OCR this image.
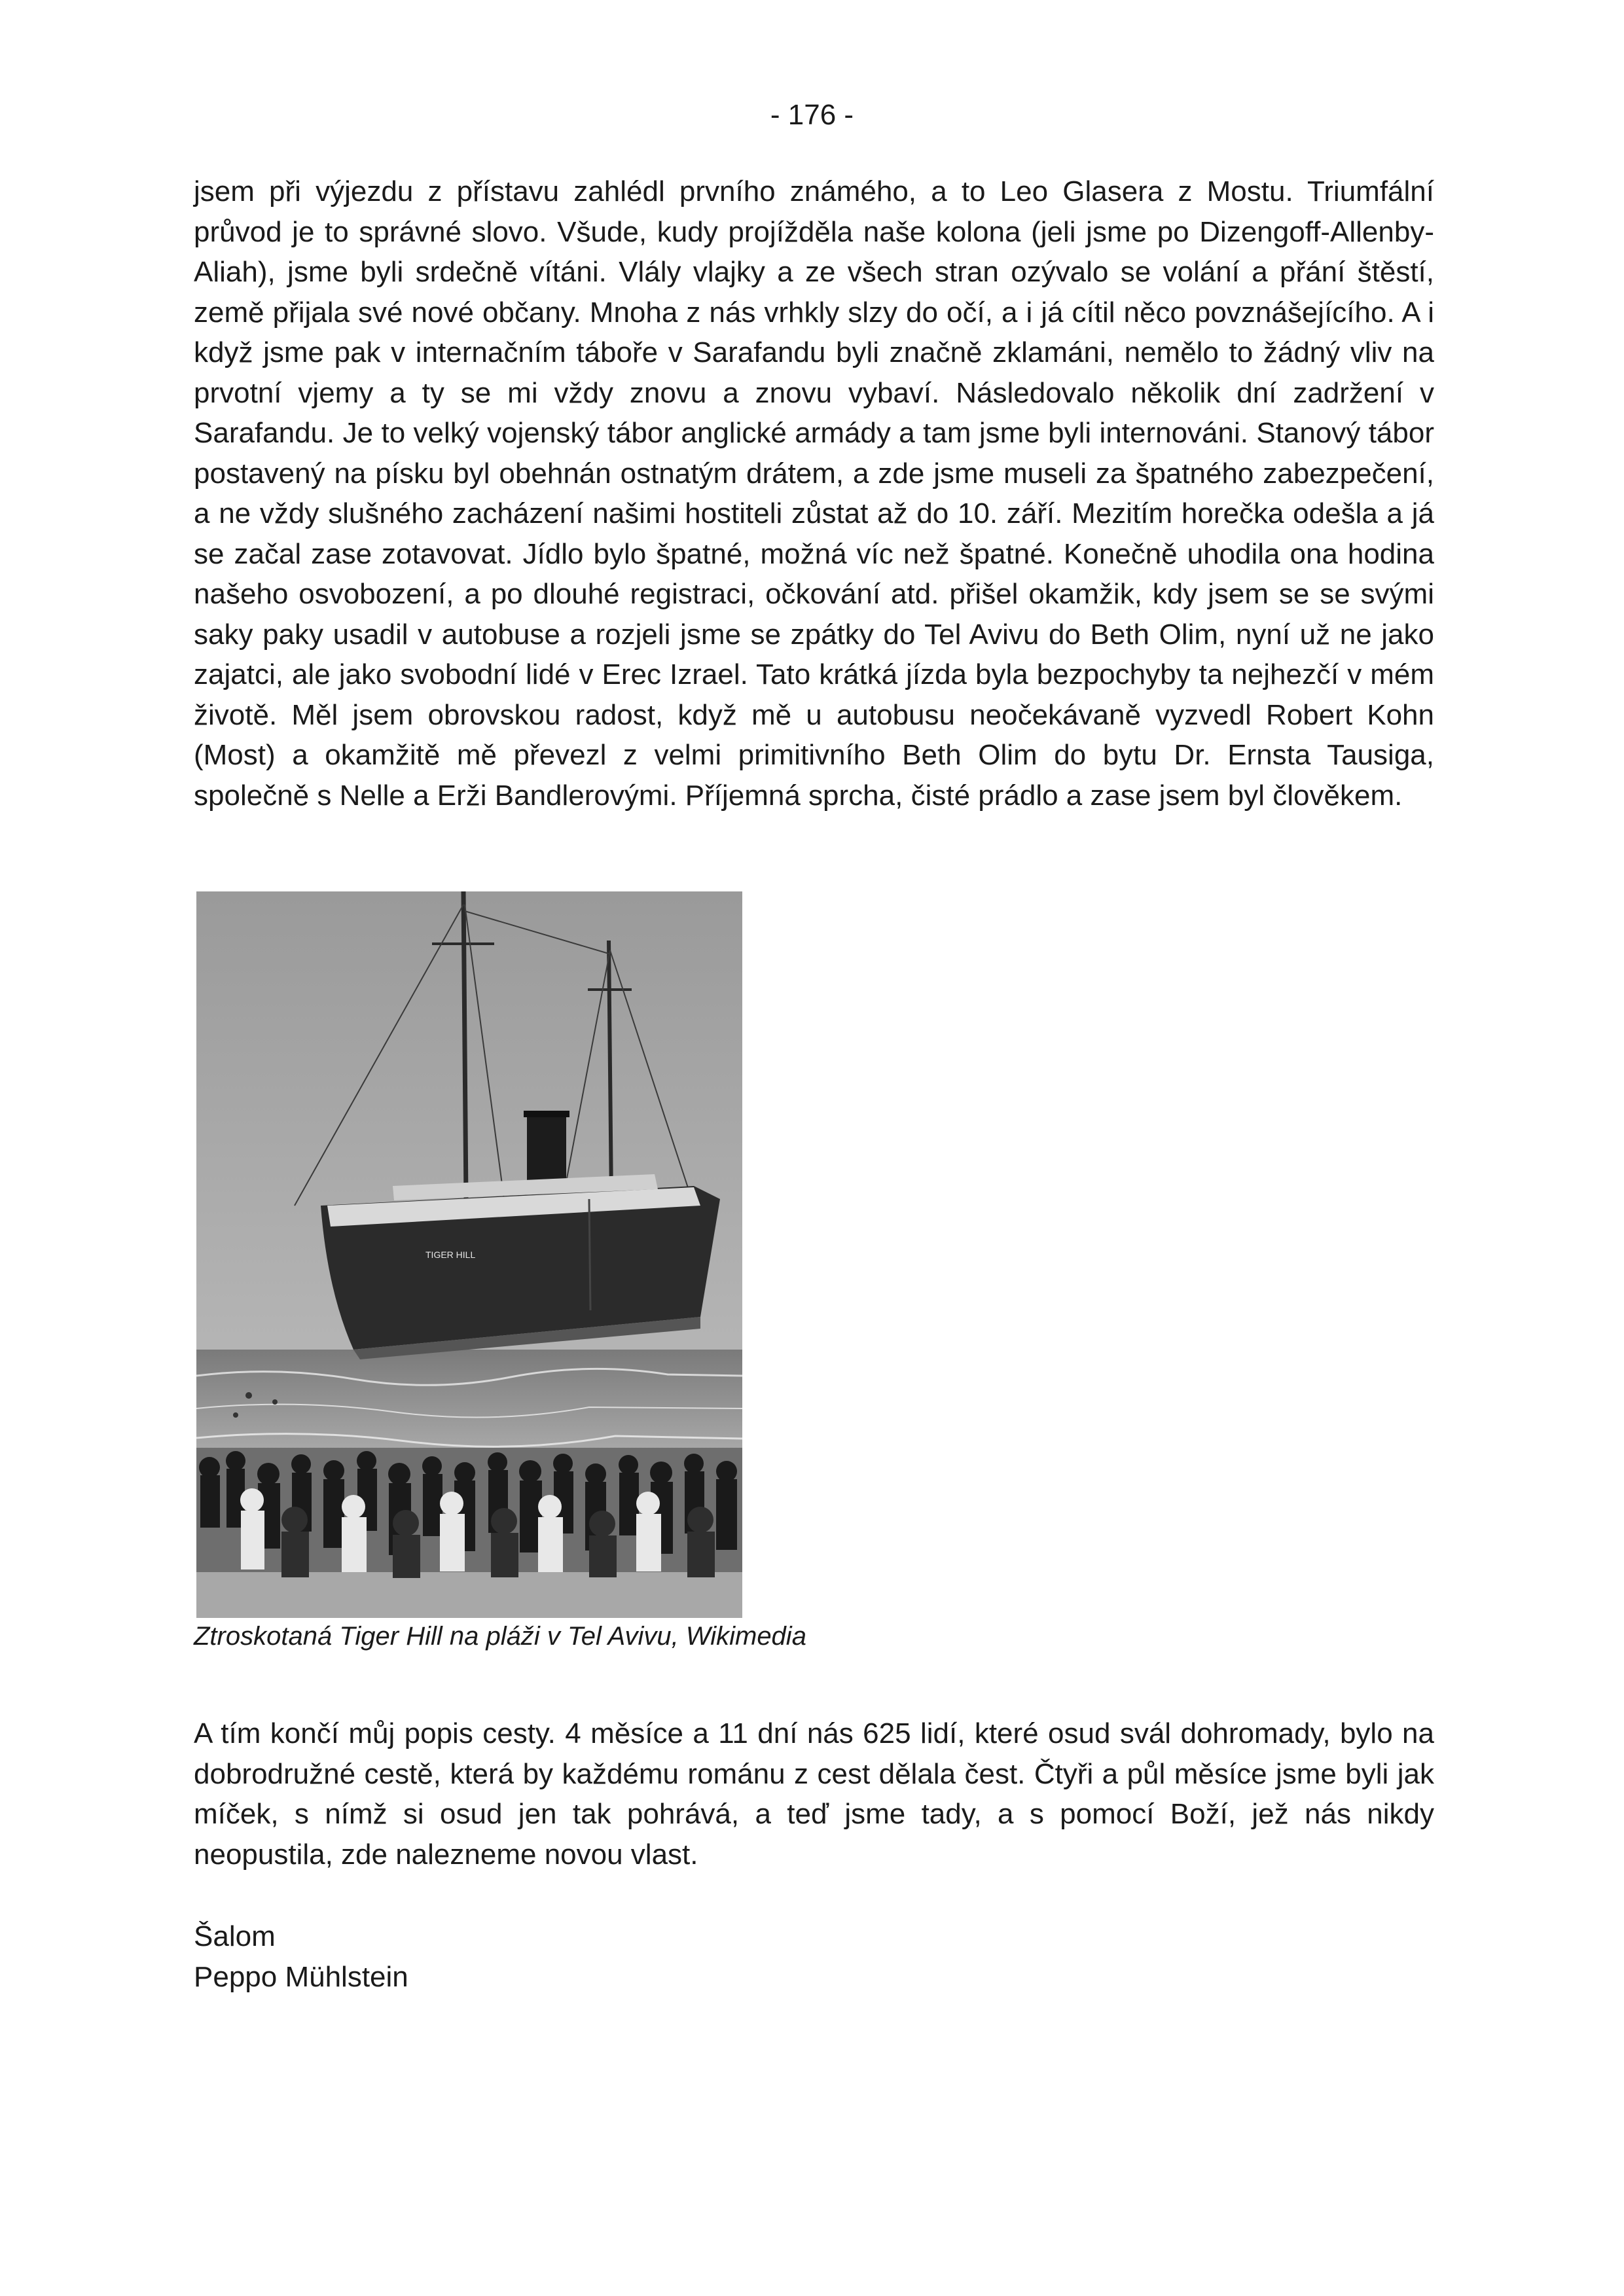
- 176 -

jsem při výjezdu z přístavu zahlédl prvního známého, a to Leo Glasera z Mostu. Triumfální průvod je to správné slovo. Všude, kudy projížděla naše kolona (jeli jsme po Dizengoff-Allenby-Aliah), jsme byli srdečně vítáni. Vlály vlajky a ze všech stran ozývalo se volání a přání štěstí, země přijala své nové občany. Mnoha z nás vrhkly slzy do očí, a i já cítil něco povznášejícího. A i když jsme pak v internačním táboře v Sarafandu byli značně zklamáni, nemělo to žádný vliv na prvotní vjemy a ty se mi vždy znovu a znovu vybaví. Následovalo několik dní zadržení v Sarafandu. Je to velký vojenský tábor anglické armády a tam jsme byli internováni. Stanový tábor postavený na písku byl obehnán ostnatým drátem, a zde jsme museli za špatného zabezpečení, a ne vždy slušného zacházení našimi hostiteli zůstat až do 10. září. Mezitím horečka odešla a já se začal zase zotavovat. Jídlo bylo špatné, možná víc než špatné. Konečně uhodila ona hodina našeho osvobození, a po dlouhé registraci, očkování atd. přišel okamžik, kdy jsem se se svými saky paky usadil v autobuse a rozjeli jsme se zpátky do Tel Avivu do Beth Olim, nyní už ne jako zajatci, ale jako svobodní lidé v Erec Izrael. Tato krátká jízda byla bezpochyby ta nejhezčí v mém životě. Měl jsem obrovskou radost, když mě u autobusu neočekávaně vyzvedl Robert Kohn (Most) a okamžitě mě převezl z velmi primitivního Beth Olim do bytu Dr. Ernsta Tausiga, společně s Nelle a Erži Bandlerovými. Příjemná sprcha, čisté prádlo a zase jsem byl člověkem.

TIGER HILL
Ztroskotaná Tiger Hill na pláži v Tel Avivu, Wikimedia

A tím končí můj popis cesty. 4 měsíce a 11 dní nás 625 lidí, které osud svál dohromady, bylo na dobrodružné cestě, která by každému románu z cest dělala čest. Čtyři a půl měsíce jsme byli jak míček, s nímž si osud jen tak pohrává, a teď jsme tady, a s pomocí Boží, jež nás nikdy neopustila, zde nalezneme novou vlast.

Šalom
Peppo Mühlstein
